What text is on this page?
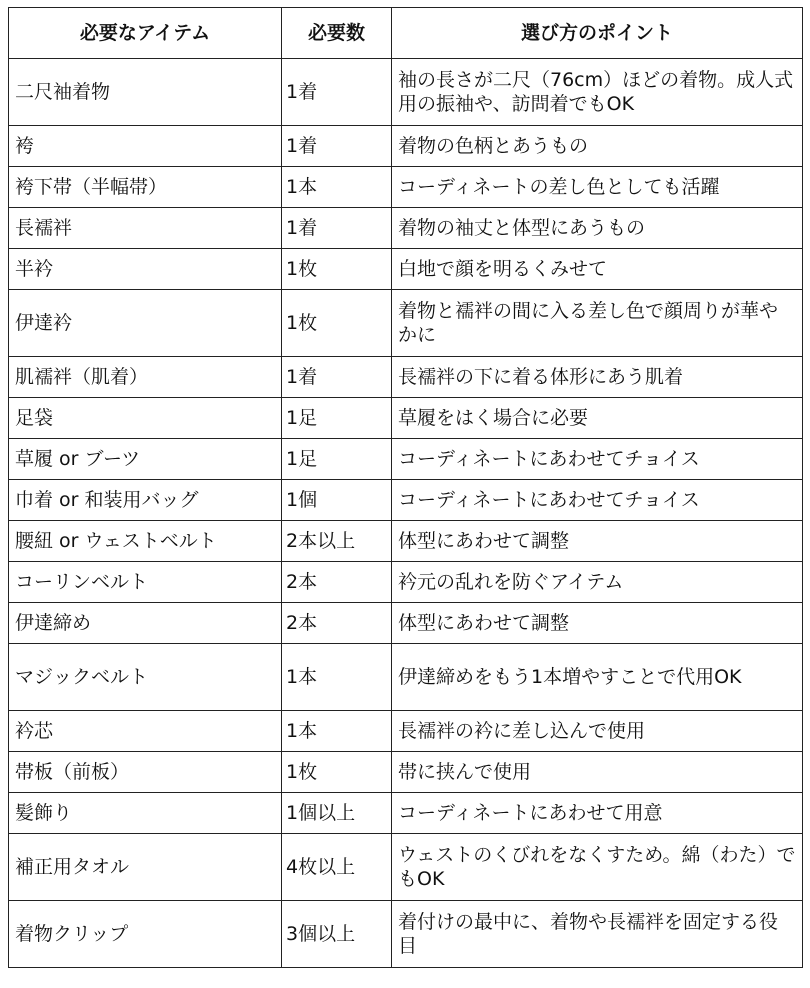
必要なアイテム	必要数	選び方のポイント
二尺袖着物	1着	袖の長さが二尺（76cm）ほどの着物。成人式用の振袖や、訪問着でもOK
袴	1着	着物の色柄とあうもの
袴下帯（半幅帯）	1本	コーディネートの差し色としても活躍
長襦袢	1着	着物の袖丈と体型にあうもの
半衿	1枚	白地で顔を明るくみせて
伊達衿	1枚	着物と襦袢の間に入る差し色で顔周りが華やかに
肌襦袢（肌着）	1着	長襦袢の下に着る体形にあう肌着
足袋	1足	草履をはく場合に必要
草履 or ブーツ	1足	コーディネートにあわせてチョイス
巾着 or 和装用バッグ	1個	コーディネートにあわせてチョイス
腰紐 or ウェストベルト	2本以上	体型にあわせて調整
コーリンベルト	2本	衿元の乱れを防ぐアイテム
伊達締め	2本	体型にあわせて調整
マジックベルト	1本	伊達締めをもう1本増やすことで代用OK
衿芯	1本	長襦袢の衿に差し込んで使用
帯板（前板）	1枚	帯に挟んで使用
髪飾り	1個以上	コーディネートにあわせて用意
補正用タオル	4枚以上	ウェストのくびれをなくすため。綿（わた）でもOK
着物クリップ	3個以上	着付けの最中に、着物や長襦袢を固定する役目
